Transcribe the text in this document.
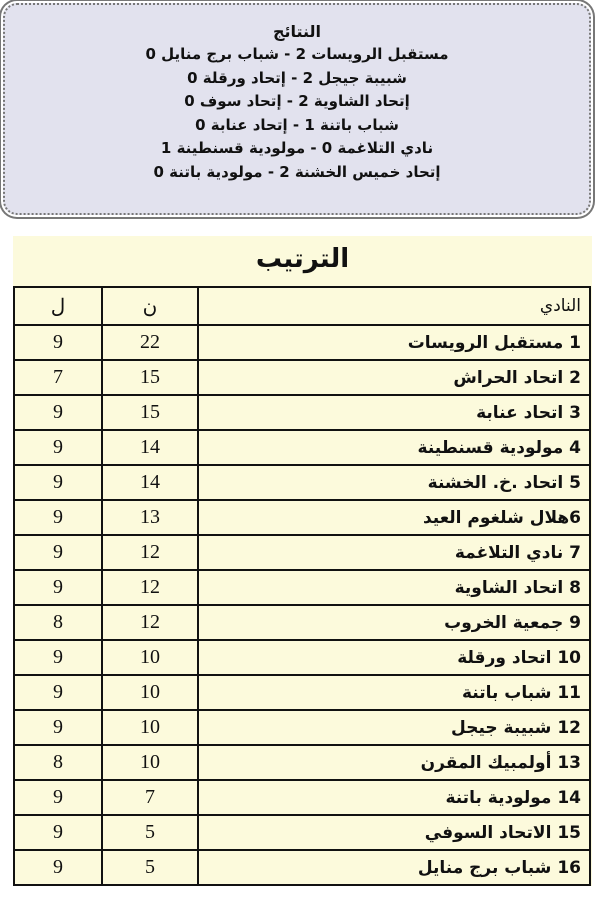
النتائج
مستقبل الرويسات 2 - شباب برج منايل 0
شبيبة جيجل 2 - إتحاد ورقلة 0
إتحاد الشاوية 2 - إتحاد سوف 0
شباب باتنة 1 - إتحاد عنابة 0
نادي التلاغمة 0 - مولودية قسنطينة 1
إتحاد خميس الخشنة 2 - مولودية باتنة 0
الترتيب
ل	ن	النادي
9	22	1 مستقبل الرويسات
7	15	2 اتحاد الحراش
9	15	3 اتحاد عنابة
9	14	4 مولودية قسنطينة
9	14	5 اتحاد .خ. الخشنة
9	13	6هلال شلغوم العيد
9	12	7 نادي التلاغمة
9	12	8 اتحاد الشاوية
8	12	9 جمعية الخروب
9	10	10 اتحاد ورقلة
9	10	11 شباب باتنة
9	10	12 شبيبة جيجل
8	10	13 أولمبيك المقرن
9	7	14 مولودية باتنة
9	5	15 الاتحاد السوفي
9	5	16 شباب برج منايل
